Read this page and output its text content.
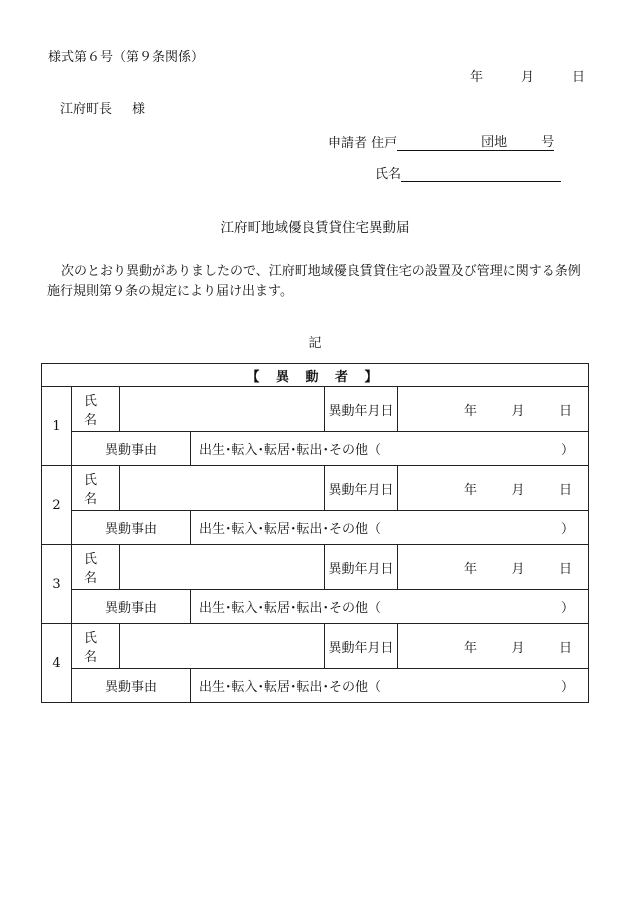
様式第６号（第９条関係）
年	月	日
江府町長 様
申請者
住戸	団地	号
氏名
江府町地域優良賃貸住宅異動届
次のとおり異動がありましたので、江府町地域優良賃貸住宅の設置及び管理に関する条例施行規則第９条の規定により届け出ます。
記
【 異 動 者 】					
1	氏 名			異動年月日	年 月 日

	異動事由		出生･転入･転居･転出･その他（ ）		

2	氏 名			異動年月日	年 月 日

	異動事由		出生･転入･転居･転出･その他（ ）		

3	氏 名			異動年月日	年 月 日

	異動事由		出生･転入･転居･転出･その他（ ）		

4	氏 名			異動年月日	年 月 日

	異動事由		出生･転入･転居･転出･その他（ ）		
